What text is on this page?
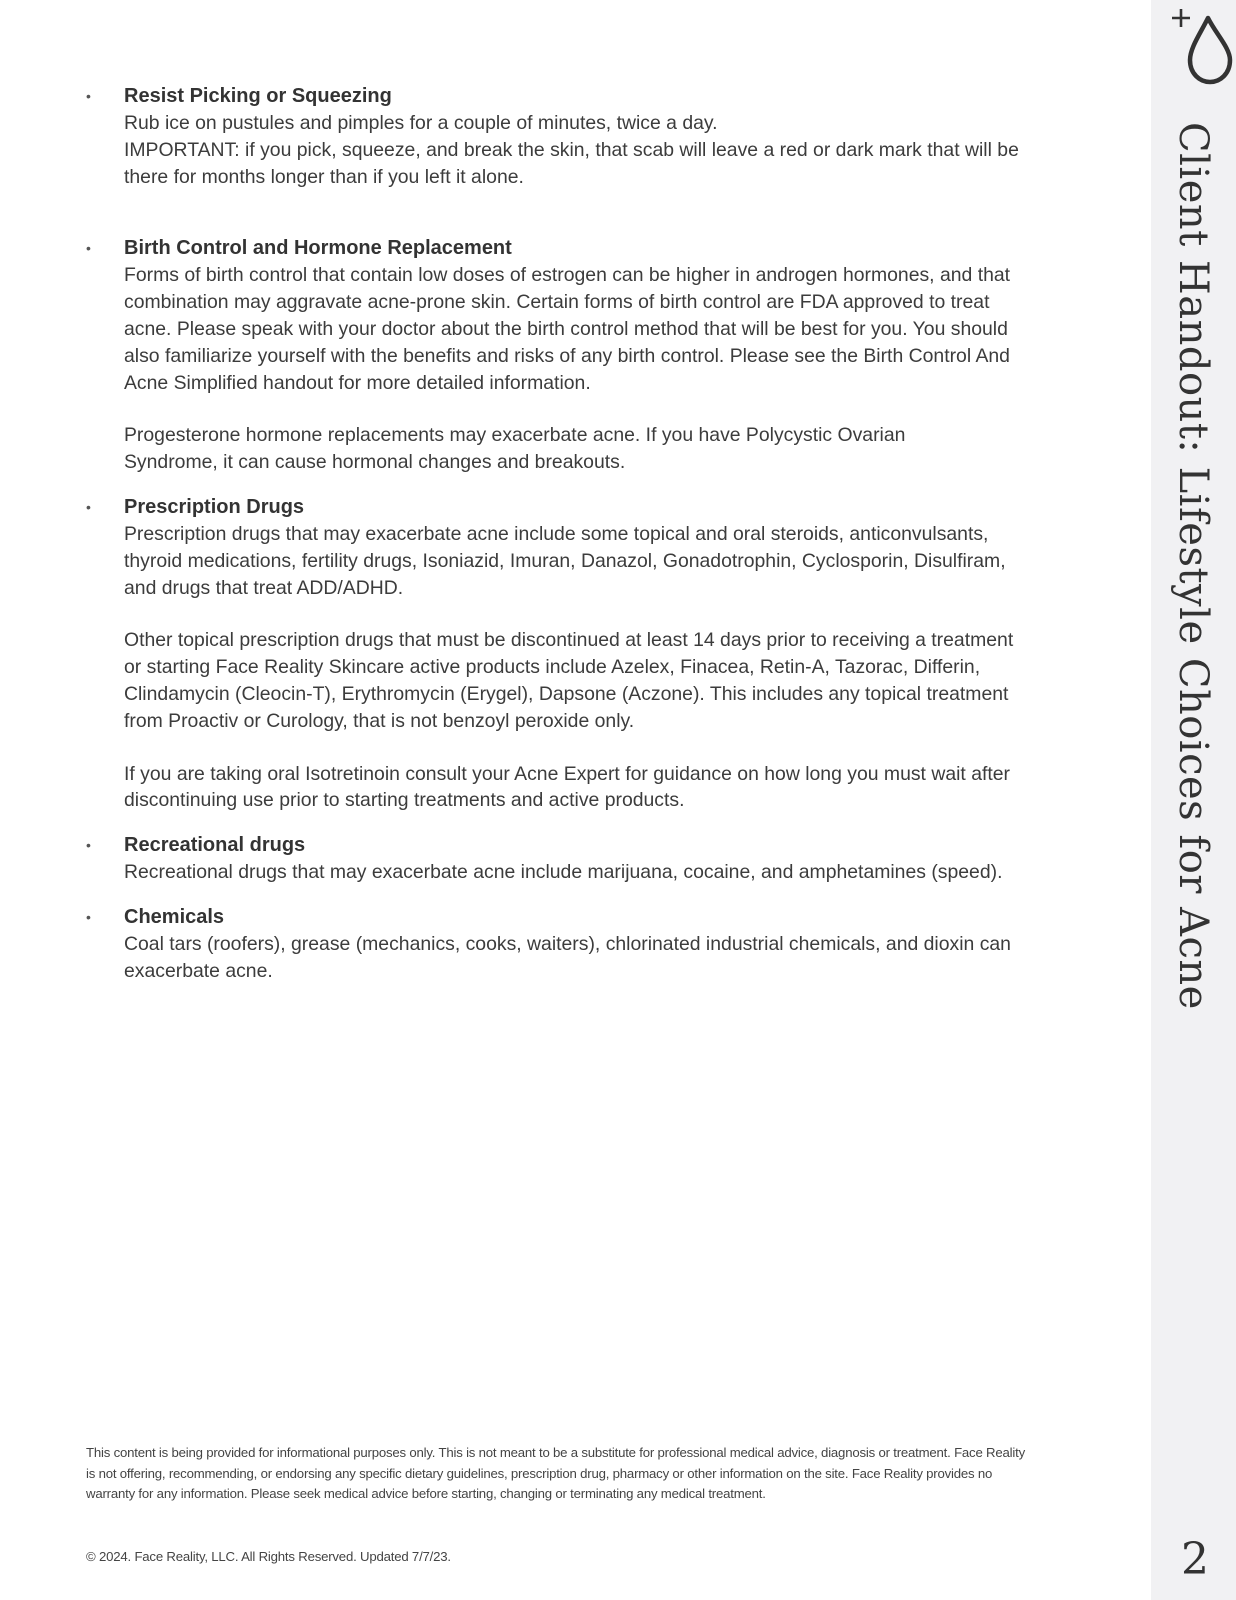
• Resist Picking or Squeezing

Rub ice on pustules and pimples for a couple of minutes, twice a day.
IMPORTANT: if you pick, squeeze, and break the skin, that scab will leave a red or dark mark that will be there for months longer than if you left it alone.

• Birth Control and Hormone Replacement

Forms of birth control that contain low doses of estrogen can be higher in androgen hormones, and that combination may aggravate acne-prone skin. Certain forms of birth control are FDA approved to treat acne. Please speak with your doctor about the birth control method that will be best for you. You should also familiarize yourself with the benefits and risks of any birth control. Please see the Birth Control And Acne Simplified handout for more detailed information.

Progesterone hormone replacements may exacerbate acne. If you have Polycystic Ovarian Syndrome, it can cause hormonal changes and breakouts.

• Prescription Drugs

Prescription drugs that may exacerbate acne include some topical and oral steroids, anticonvulsants, thyroid medications, fertility drugs, Isoniazid, Imuran, Danazol, Gonadotrophin, Cyclosporin, Disulfiram, and drugs that treat ADD/ADHD.

Other topical prescription drugs that must be discontinued at least 14 days prior to receiving a treatment or starting Face Reality Skincare active products include Azelex, Finacea, Retin-A, Tazorac, Differin, Clindamycin (Cleocin-T), Erythromycin (Erygel), Dapsone (Aczone). This includes any topical treatment from Proactiv or Curology, that is not benzoyl peroxide only.

If you are taking oral Isotretinoin consult your Acne Expert for guidance on how long you must wait after discontinuing use prior to starting treatments and active products.

• Recreational drugs

Recreational drugs that may exacerbate acne include marijuana, cocaine, and amphetamines (speed).

• Chemicals

Coal tars (roofers), grease (mechanics, cooks, waiters), chlorinated industrial chemicals, and dioxin can exacerbate acne.

This content is being provided for informational purposes only. This is not meant to be a substitute for professional medical advice, diagnosis or treatment. Face Reality is not offering, recommending, or endorsing any specific dietary guidelines, prescription drug, pharmacy or other information on the site. Face Reality provides no warranty for any information. Please seek medical advice before starting, changing or terminating any medical treatment.

© 2024. Face Reality, LLC. All Rights Reserved. Updated 7/7/23.

Client Handout: Lifestyle Choices for Acne
2
